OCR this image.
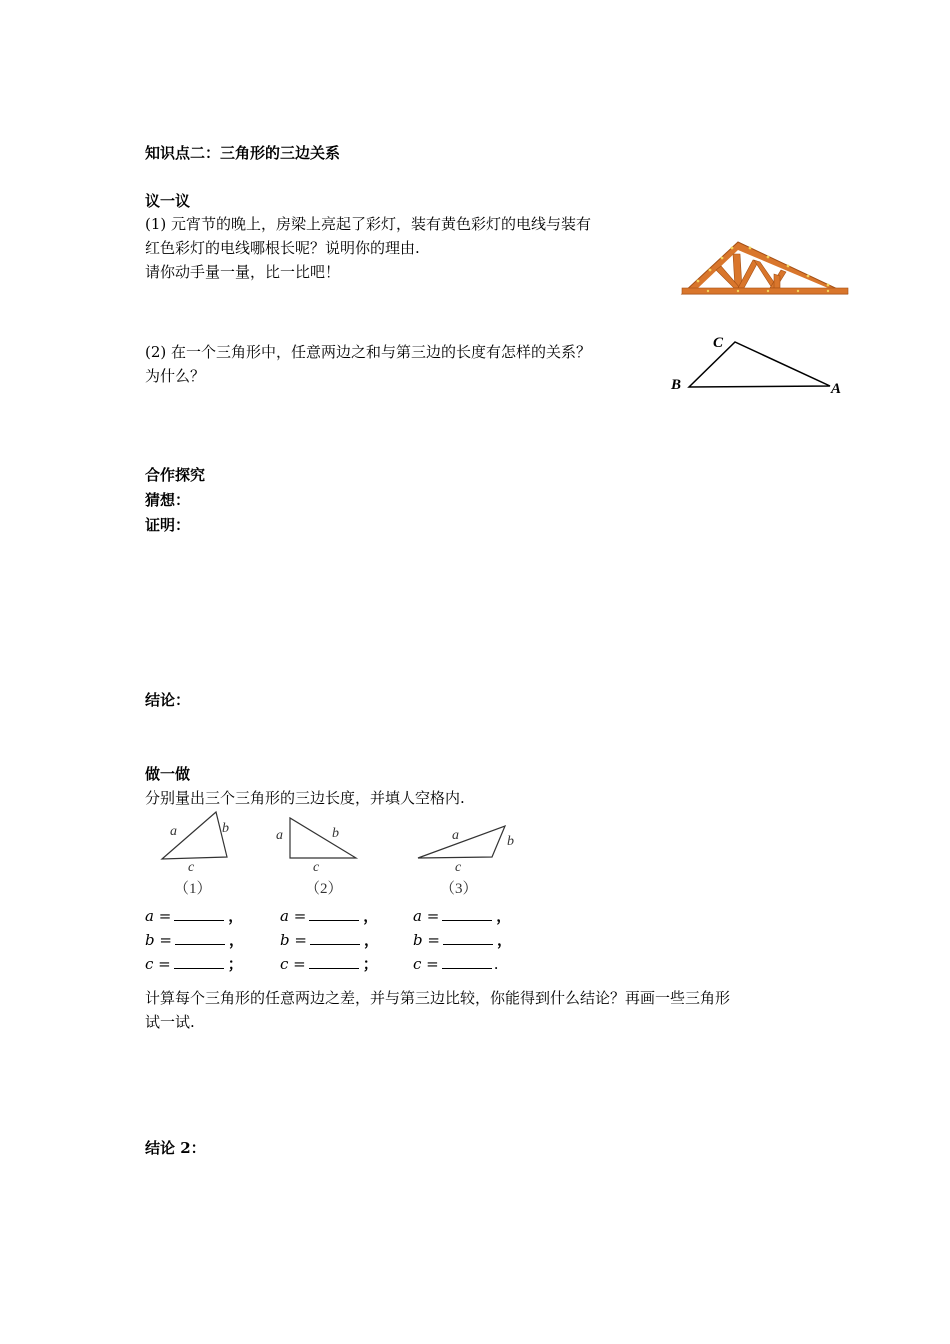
知识点二：三角形的三边关系
议一议
(1) 元宵节的晚上，房梁上亮起了彩灯，装有黄色彩灯的电线与装有
红色彩灯的电线哪根长呢？说明你的理由.
请你动手量一量，比一比吧！
(2) 在一个三角形中，任意两边之和与第三边的长度有怎样的关系？
为什么？
C
B	A
合作探究
猜想：
证明：
结论：
做一做
分别量出三个三角形的三边长度，并填人空格内.
a	b
c
（1）
a	b
c
（2）
a	b
c
（3）
a =	，
b =	，
c =	；
a =	，
b =	，
c =	；
a =	，
b =	，
c =	.
计算每个三角形的任意两边之差，并与第三边比较，你能得到什么结论？再画一些三角形
试一试.
结论 2：
